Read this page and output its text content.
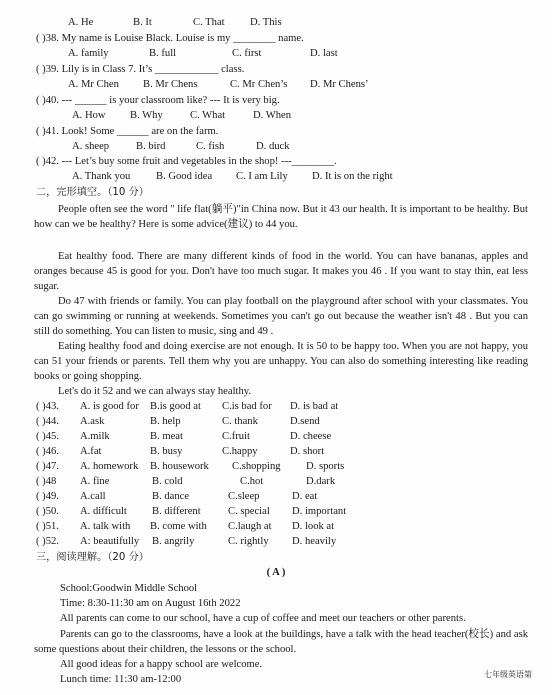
A. He	B. It	C. That D. This
( )38. My name is Louise Black. Louise is my ________ name.
A. family	B. full	C. first	D. last
( )39. Lily is in Class 7. It’s ____________ class.
A. Mr Chen B. Mr Chens	C. Mr Chen’s D. Mr Chens’
( )40. --- ______ is your classroom like? --- It is very big.
A. How B. Why	C. What	D. When
( )41. Look! Some ______ are on the farm.
A. sheep	B. bird	C. fish	D. duck
( )42. --- Let’s buy some fruit and vegetables in the shop! ---________.
A. Thank you B. Good idea C. I am Lily D. It is on the right
二，完形填空。（10 分）
People often see the word " life flat(躺平)"in China now. But it 43 our health. It is important to be healthy. But how can we be healthy? Here is some advice(建议) to 44 you.
Eat healthy food. There are many different kinds of food in the world. You can have bananas, apples and oranges because 45 is good for you. Don't have too much sugar. It makes you 46 . If you want to stay thin, eat less sugar.
Do 47 with friends or family. You can play football on the playground after school with your classmates. You can go swimming or running at weekends. Sometimes you can't go out because the weather isn't 48 . But you can still do something. You can listen to music, sing and 49 .
Eating healthy food and doing exercise are not enough. It is 50 to be happy too. When you are not happy, you can 51 your friends or parents. Tell them why you are unhappy. You can also do something interesting like reading books or going shopping.
Let's do it 52 and we can always stay healthy.
( )43. A. is good for B.is good at C.is bad for D. is bad at
( )44. A.ask	B. help	C. thank	D.send
( )45. A.milk	B. meat	C.fruit	D. cheese
( )46. A.fat	B. busy	C.happy	D. short
( )47. A. homework B. housework C.shopping D. sports
( )48 A. fine	B. cold	C.hot	D.dark
( )49. A.call	B. dance	C.sleep	D. eat
( )50. A. difficult B. different	C. special D. important
( )51. A. talk with B. come with C.laugh at D. look at
( )52. A: beautifully B. angrily	C. rightly D. heavily
三，阅读理解。（20 分）
( A )
School:Goodwin Middle School
Time: 8:30-11:30 am on August 16th 2022
All parents can come to our school, have a cup of coffee and meet our teachers or other parents.
Parents can go to the classrooms, have a look at the buildings, have a talk with the head teacher(校长) and ask some questions about their children, the lessons or the school.
All good ideas for a happy school are welcome.
Lunch time: 11:30 am-12:00	七年级英语第
